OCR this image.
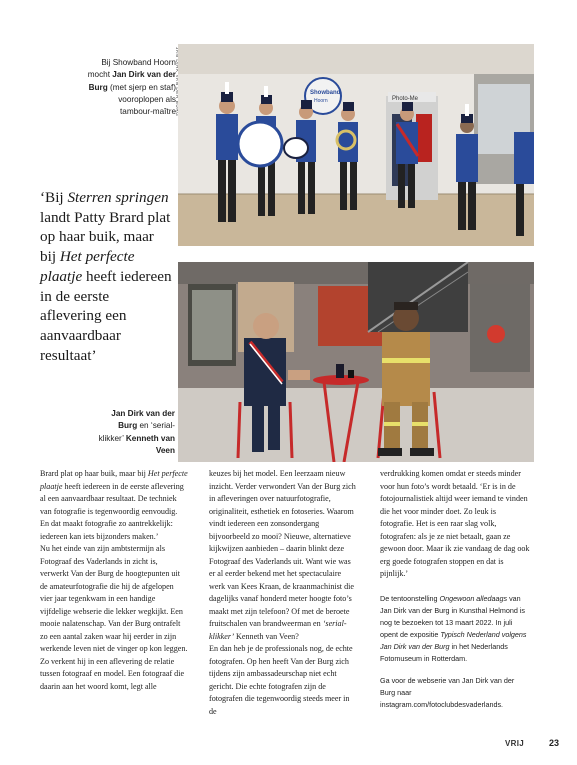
Bij Showband Hoorn mocht Jan Dirk van der Burg (met sjerp en staf) vooroplopen als tambour-maître
‘Bij Sterren springen landt Patty Brard plat op haar buik, maar bij Het perfecte plaatje heeft iedereen in de eerste aflevering een aanvaardbaar resultaat’
Jan Dirk van der Burg en ‘serial-klikker’ Kenneth van Veen
Photo-Me
Showband
Hoorn

Brard plat op haar buik, maar bij Het perfecte plaatje heeft iedereen in de eerste aflevering al een aanvaardbaar resultaat. De techniek van fotografie is tegenwoordig eenvoudig. En dat maakt fotografie zo aantrekkelijk: iedereen kan iets bijzonders maken.’

Nu het einde van zijn ambtstermijn als Fotograaf des Vaderlands in zicht is, verwerkt Van der Burg de hoogtepunten uit de amateurfotografie die hij de afgelopen vier jaar tegenkwam in een handige vijfdelige webserie die lekker wegkijkt. Een mooie nalatenschap. Van der Burg ontrafelt zo een aantal zaken waar hij eerder in zijn werkende leven niet de vinger op kon leggen. Zo verkent hij in een aflevering de relatie tussen fotograaf en model. Een fotograaf die daarin aan het woord komt, legt alle

keuzes bij het model. Een leerzaam nieuw inzicht. Verder verwondert Van der Burg zich in afleveringen over natuurfotografie, originaliteit, esthetiek en fotoseries. Waarom vindt iedereen een zonsondergang bijvoorbeeld zo mooi? Nieuwe, alternatieve kijkwijzen aanbieden – daarin blinkt deze Fotograaf des Vaderlands uit. Want wie was er al eerder bekend met het spectaculaire werk van Kees Kraan, de kraanmachinist die dagelijks vanaf honderd meter hoogte foto’s maakt met zijn telefoon? Of met de beroete fruitschalen van brandweerman en ‘serial-klikker’ Kenneth van Veen?

En dan heb je de professionals nog, de echte fotografen. Op hen heeft Van der Burg zich tijdens zijn ambassadeurschap niet echt gericht. Die echte fotografen zijn de fotografen die tegenwoordig steeds meer in de

verdrukking komen omdat er steeds minder voor hun foto’s wordt betaald. ‘Er is in de fotojournalistiek altijd weer iemand te vinden die het voor minder doet. Zo leuk is fotografie. Het is een raar slag volk, fotografen: als je ze niet betaalt, gaan ze gewoon door. Maar ik zie vandaag de dag ook erg goede fotografen stoppen en dat is pijnlijk.’

De tentoonstelling Ongewoon alledaags van Jan Dirk van der Burg in Kunsthal Helmond is nog te bezoeken tot 13 maart 2022. In juli opent de expositie Typisch Nederland volgens Jan Dirk van der Burg in het Nederlands Fotomuseum in Rotterdam.

Ga voor de webserie van Jan Dirk van der Burg naar instagram.com/fotoclubdesvaderlands.

VRIJ	23
